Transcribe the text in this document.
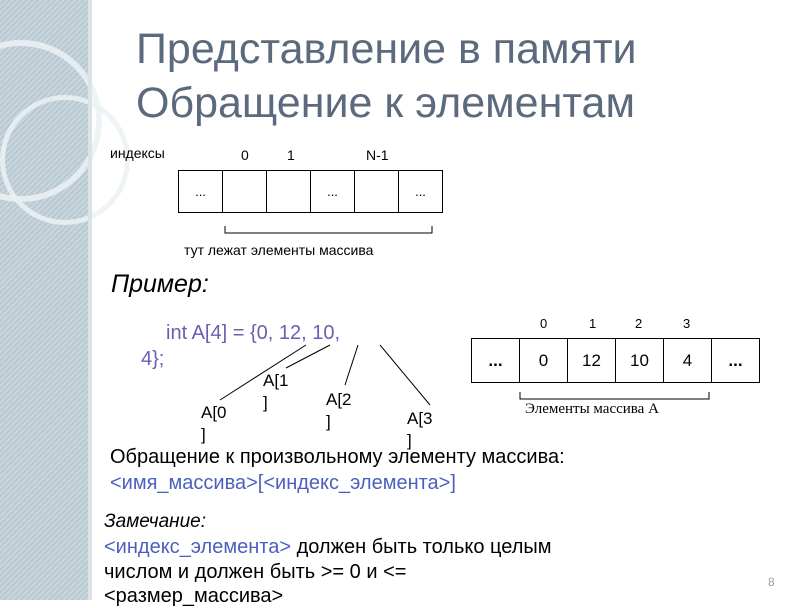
Представление в памяти
Обращение к элементам
индексы	0	1	N-1
...	...	...
тут лежат элементы массива
Пример:
int A[4] = {0, 12, 10,
4};
A[0
]
A[1
]	A[2
]	A[3
]
0	1	2	3
...	0	12	10	4	...
Элементы массива А
Обращение к произвольному элементу массива:
<имя_массива>[<индекс_элемента>]
Замечание:
<индекс_элемента> должен быть только целым
числом и должен быть >= 0 и <=
<размер_массива>
8
